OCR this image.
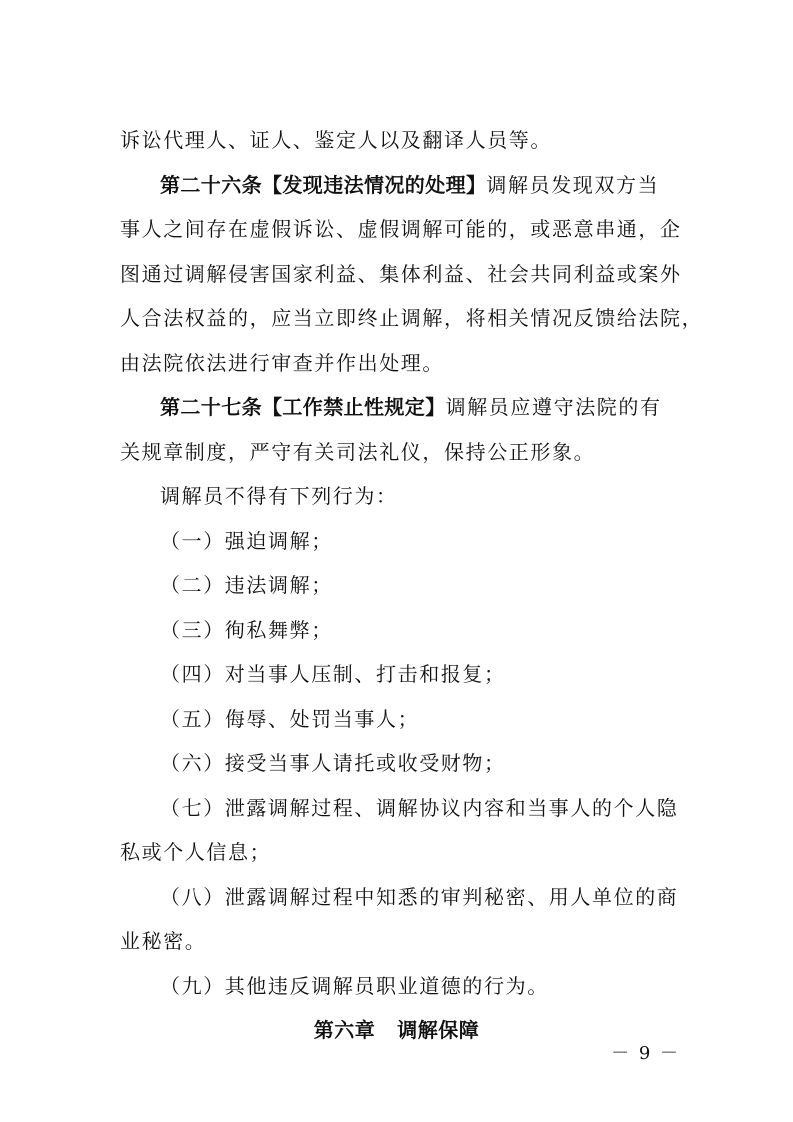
诉讼代理人、证人、鉴定人以及翻译人员等。
第二十六条【发现违法情况的处理】调解员发现双方当
事人之间存在虚假诉讼、虚假调解可能的，或恶意串通，企
图通过调解侵害国家利益、集体利益、社会共同利益或案外
人合法权益的，应当立即终止调解，将相关情况反馈给法院，
由法院依法进行审查并作出处理。
第二十七条【工作禁止性规定】调解员应遵守法院的有
关规章制度，严守有关司法礼仪，保持公正形象。
调解员不得有下列行为：
（一）强迫调解；
（二）违法调解；
（三）徇私舞弊；
（四）对当事人压制、打击和报复；
（五）侮辱、处罚当事人；
（六）接受当事人请托或收受财物；
（七）泄露调解过程、调解协议内容和当事人的个人隐
私或个人信息；
（八）泄露调解过程中知悉的审判秘密、用人单位的商
业秘密。
（九）其他违反调解员职业道德的行为。
第六章 调解保障
－ 9 －
